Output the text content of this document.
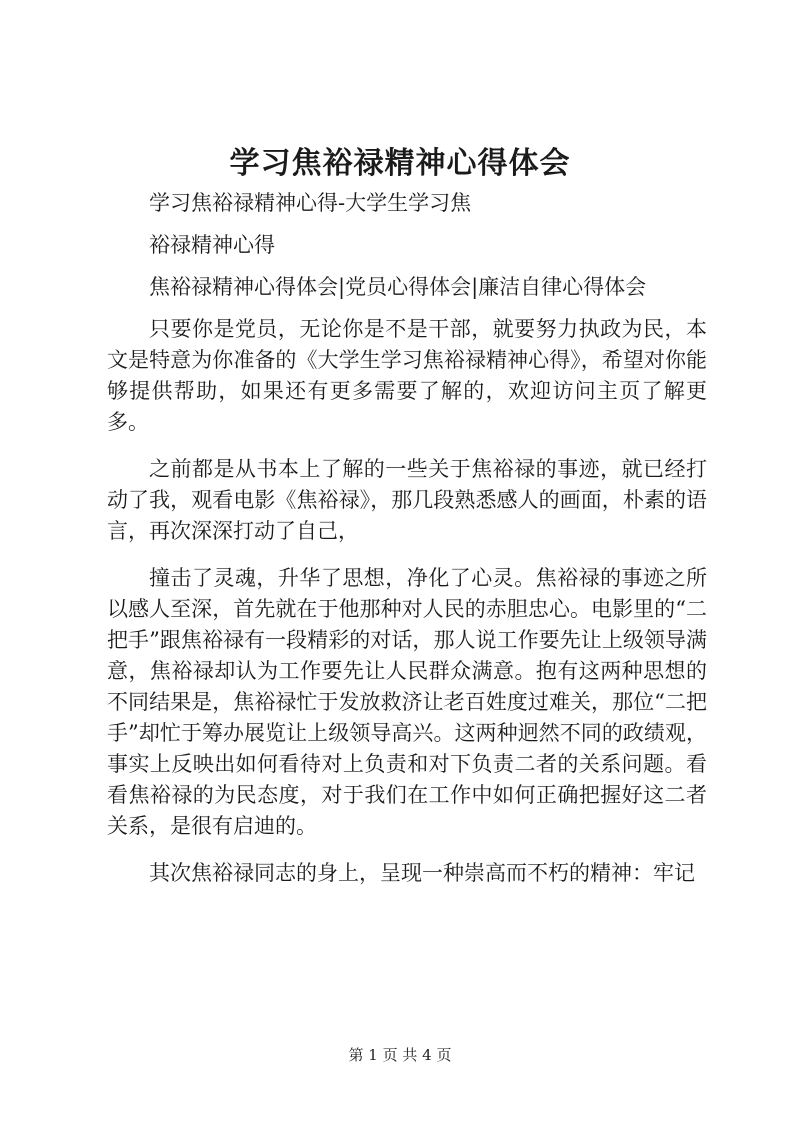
学习焦裕禄精神心得体会

学习焦裕禄精神心得-大学生学习焦

裕禄精神心得

焦裕禄精神心得体会|党员心得体会|廉洁自律心得体会

只要你是党员，无论你是不是干部，就要努力执政为民，本文是特意为你准备的《大学生学习焦裕禄精神心得》，希望对你能够提供帮助，如果还有更多需要了解的，欢迎访问主页了解更多。

之前都是从书本上了解的一些关于焦裕禄的事迹，就已经打动了我，观看电影《焦裕禄》，那几段熟悉感人的画面，朴素的语言，再次深深打动了自己，

撞击了灵魂，升华了思想，净化了心灵。焦裕禄的事迹之所以感人至深，首先就在于他那种对人民的赤胆忠心。电影里的“二把手”跟焦裕禄有一段精彩的对话，那人说工作要先让上级领导满意，焦裕禄却认为工作要先让人民群众满意。抱有这两种思想的不同结果是，焦裕禄忙于发放救济让老百姓度过难关，那位“二把手”却忙于筹办展览让上级领导高兴。这两种迥然不同的政绩观，事实上反映出如何看待对上负责和对下负责二者的关系问题。看看焦裕禄的为民态度，对于我们在工作中如何正确把握好这二者关系，是很有启迪的。

其次焦裕禄同志的身上，呈现一种崇高而不朽的精神：牢记

第 1 页 共 4 页
